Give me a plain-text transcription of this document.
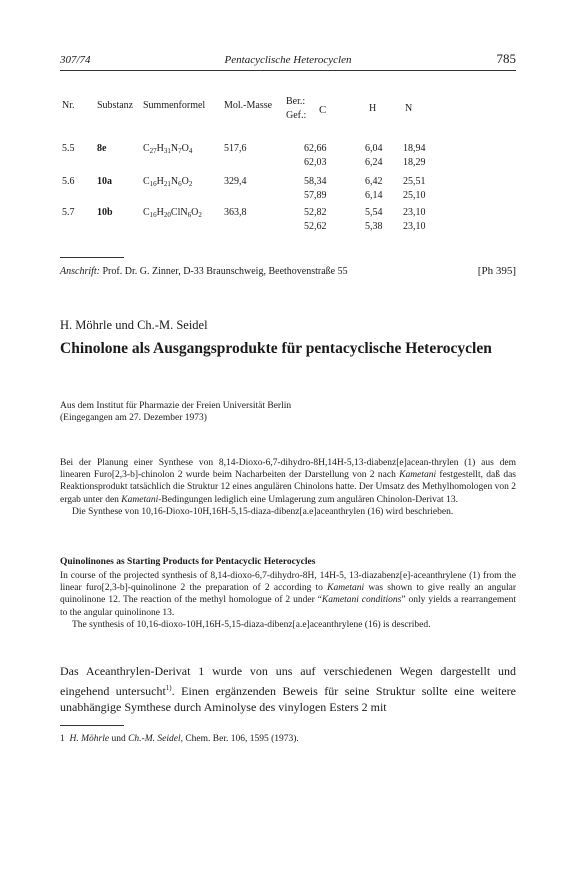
307/74	Pentacyclische Heterocyclen	785
Nr. Substanz Summenformel Mol.-Masse Ber.:
Gef.: C	H	N
5.5 8e	$C_{27}H_{31}N_7O_4$	517,6	62,66	6,04 18,94
62,03	6,24 18,29
5.6 10a	$C_{16}H_{21}N_6O_2$	329,4	58,34	6,42 25,51
57,89	6,14 25,10
5.7 10b	$C_{16}H_{20}ClN_6O_2$ 363,8	52,82	5,54 23,10
52,62	5,38 23,10
Anschrift: Prof. Dr. G. Zinner, D-33 Braunschweig, Beethovenstraße 55	[Ph 395]
H. Möhrle und Ch.-M. Seidel
Chinolone als Ausgangsprodukte für pentacyclische Heterocyclen
Aus dem Institut für Pharmazie der Freien Universität Berlin
(Eingegangen am 27. Dezember 1973)

Bei der Planung einer Synthese von 8,14-Dioxo-6,7-dihydro-8H,14H-5,13-diabenz[e]acean-thrylen (1) aus dem linearen Furo[2,3-b]-chinolon 2 wurde beim Nacharbeiten der Darstellung von 2 nach Kametani festgestellt, daß das Reaktionsprodukt tatsächlich die Struktur 12 eines angulären Chinolons hatte. Der Umsatz des Methylhomologen von 2 ergab unter den Kametani-Bedingungen lediglich eine Umlagerung zum angulären Chinolon-Derivat 13.

Die Synthese von 10,16-Dioxo-10H,16H-5,15-diaza-dibenz[a.e]aceanthrylen (16) wird beschrieben.

Quinolinones as Starting Products for Pentacyclic Heterocycles

In course of the projected synthesis of 8,14-dioxo-6,7-dihydro-8H, 14H-5, 13-diazabenz[e]-aceanthrylene (1) from the linear furo[2,3-b]-quinolinone 2 the preparation of 2 according to Kametani was shown to give really an angular quinolinone 12. The reaction of the methyl homologue of 2 under “Kametani conditions” only yields a rearrangement to the angular quinolinone 13.

The synthesis of 10,16-dioxo-10H,16H-5,15-diaza-dibenz[a.e]aceanthrylene (16) is described.

Das Aceanthrylen-Derivat 1 wurde von uns auf verschiedenen Wegen dargestellt und eingehend untersucht$^{1)}$. Einen ergänzenden Beweis für seine Struktur sollte eine weitere unabhängige Symthese durch Aminolyse des vinylogen Esters 2 mit

1 H. Möhrle und Ch.-M. Seidel, Chem. Ber. 106, 1595 (1973).
